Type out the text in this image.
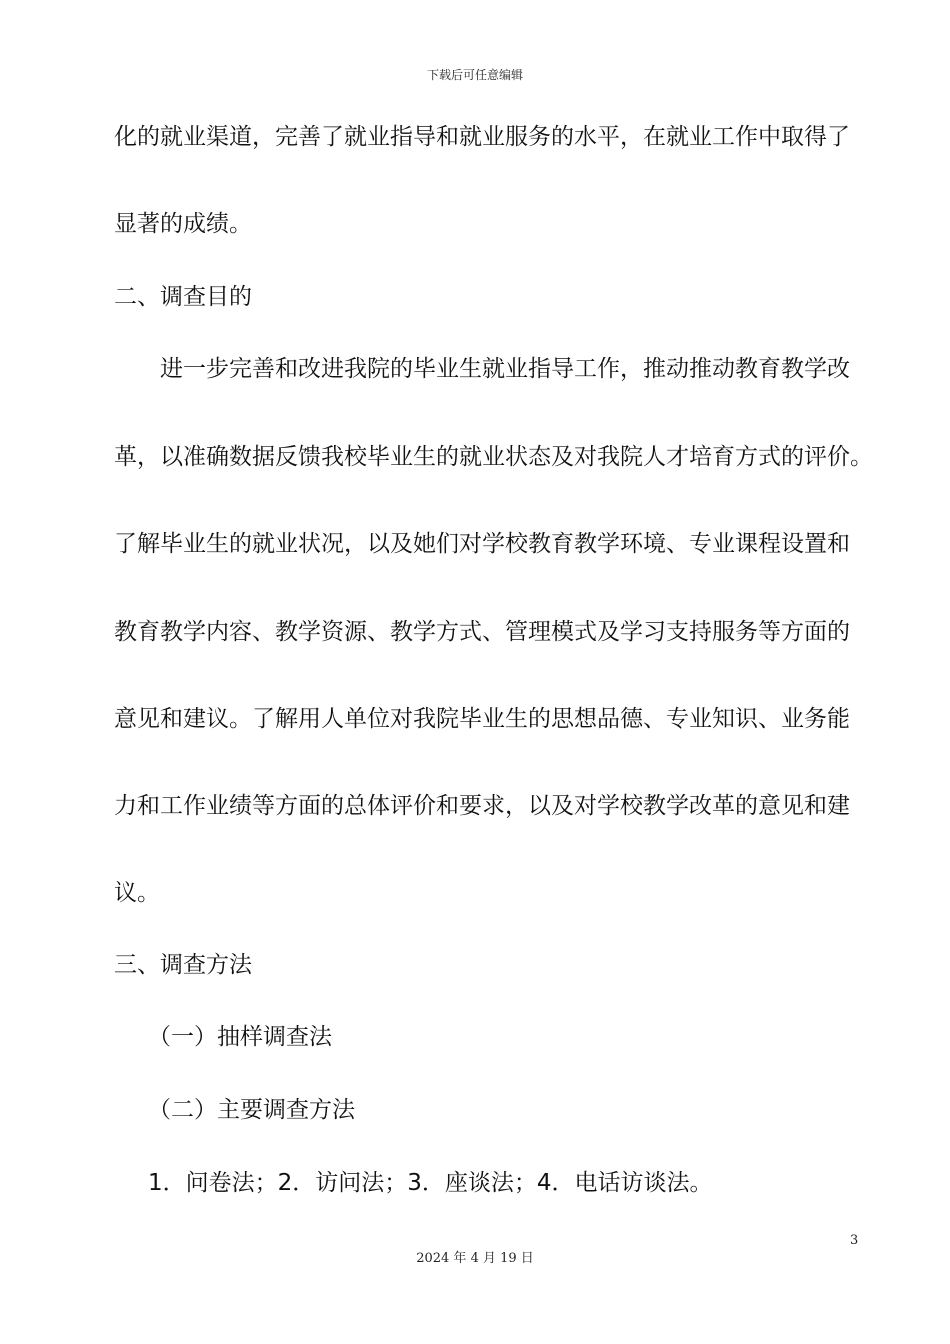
下载后可任意编辑
化的就业渠道，完善了就业指导和就业服务的水平，在就业工作中取得了
显著的成绩。
二、调查目的
进一步完善和改进我院的毕业生就业指导工作，推动推动教育教学改
革，以准确数据反馈我校毕业生的就业状态及对我院人才培育方式的评价。
了解毕业生的就业状况，以及她们对学校教育教学环境、专业课程设置和
教育教学内容、教学资源、教学方式、管理模式及学习支持服务等方面的
意见和建议。了解用人单位对我院毕业生的思想品德、专业知识、业务能
力和工作业绩等方面的总体评价和要求，以及对学校教学改革的意见和建
议。
三、调查方法
（一）抽样调查法
（二）主要调查方法
1．问卷法；2．访问法；3．座谈法；4．电话访谈法。
3
2024 年 4 月 19 日
